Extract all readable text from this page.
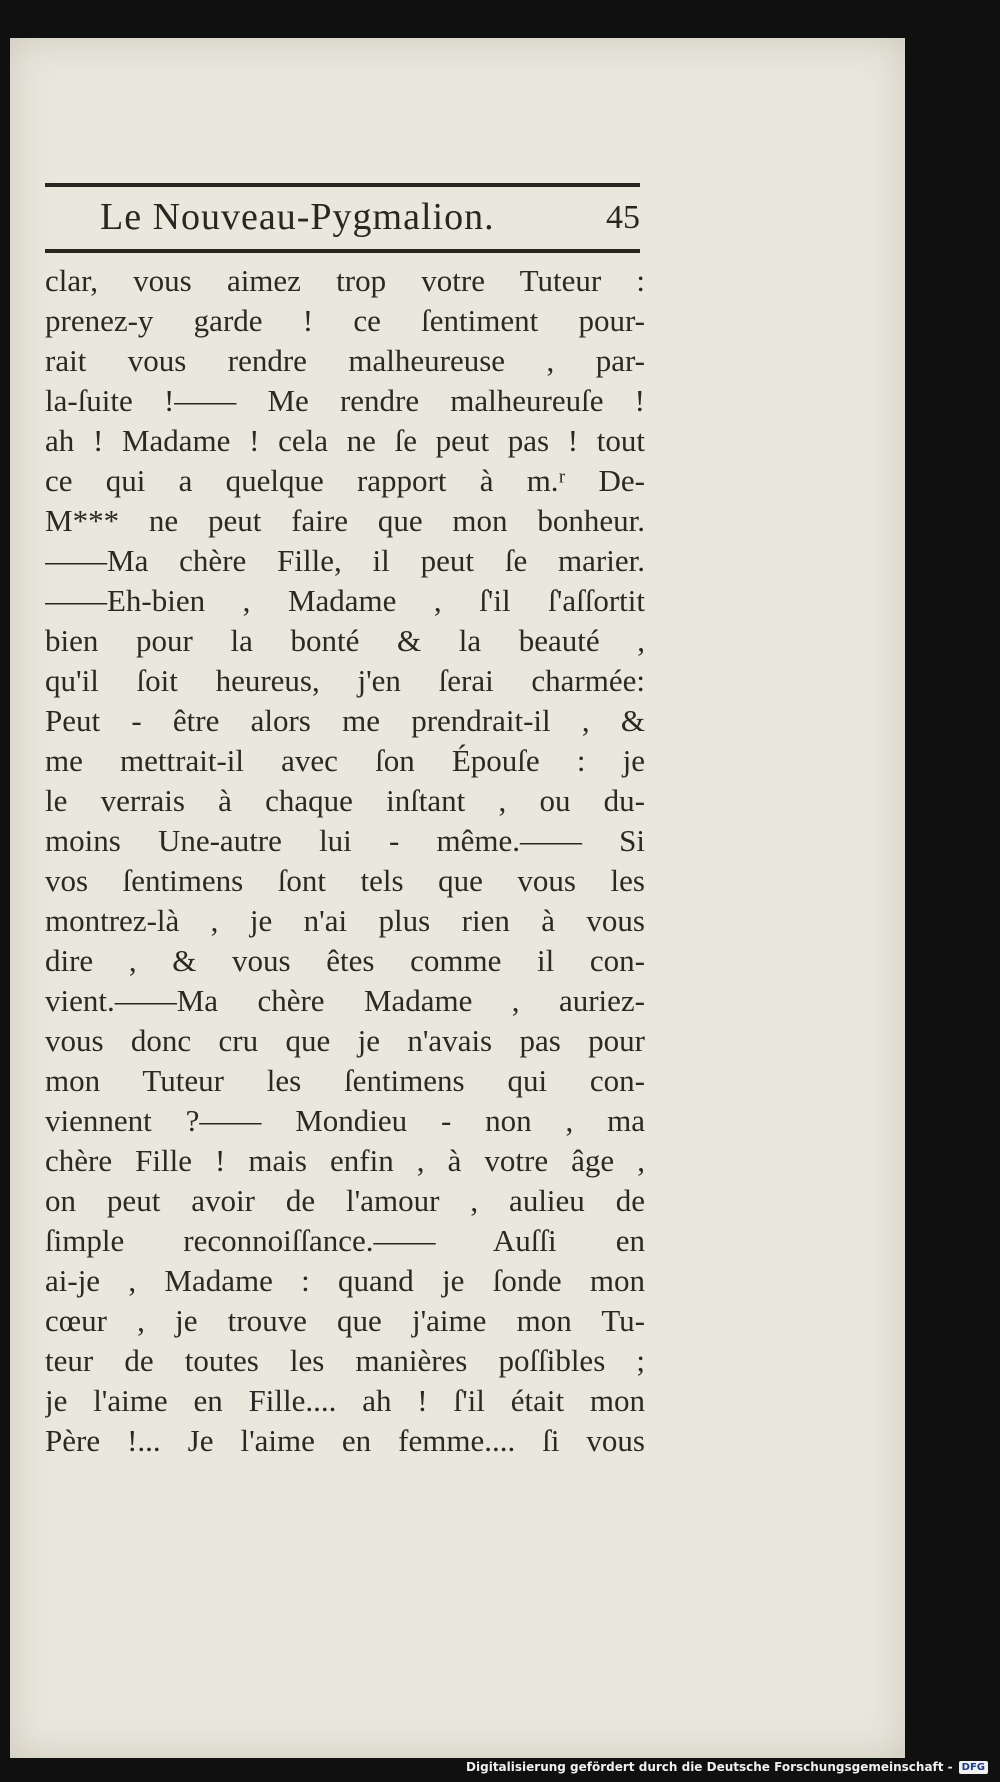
Le Nouveau-Pygmalion.	45
clar, vous aimez trop votre Tuteur :
prenez-y garde ! ce ſentiment pour-
rait vous rendre malheureuse , par-
la-ſuite !—— Me rendre malheureuſe !
ah ! Madame ! cela ne ſe peut pas ! tout
ce qui a quelque rapport à m.ʳ De-
M*** ne peut faire que mon bonheur.
——Ma chère Fille, il peut ſe marier.
——Eh-bien , Madame , ſ'il ſ'aſſortit
bien pour la bonté & la beauté ,
qu'il ſoit heureus, j'en ſerai charmée:
Peut - être alors me prendrait-il , &
me mettrait-il avec ſon Épouſe : je
le verrais à chaque inſtant , ou du-
moins Une-autre lui - même.—— Si
vos ſentimens ſont tels que vous les
montrez-là , je n'ai plus rien à vous
dire , & vous êtes comme il con-
vient.——Ma chère Madame , auriez-
vous donc cru que je n'avais pas pour
mon Tuteur les ſentimens qui con-
viennent ?—— Mondieu - non , ma
chère Fille ! mais enfin , à votre âge ,
on peut avoir de l'amour , aulieu de
ſimple reconnoiſſance.—— Auſſi en
ai-je , Madame : quand je ſonde mon
cœur , je trouve que j'aime mon Tu-
teur de toutes les manières poſſibles ;
je l'aime en Fille.... ah ! ſ'il était mon
Père !... Je l'aime en femme.... ſi vous
Digitalisierung gefördert durch die Deutsche Forschungsgemeinschaft - DFG
